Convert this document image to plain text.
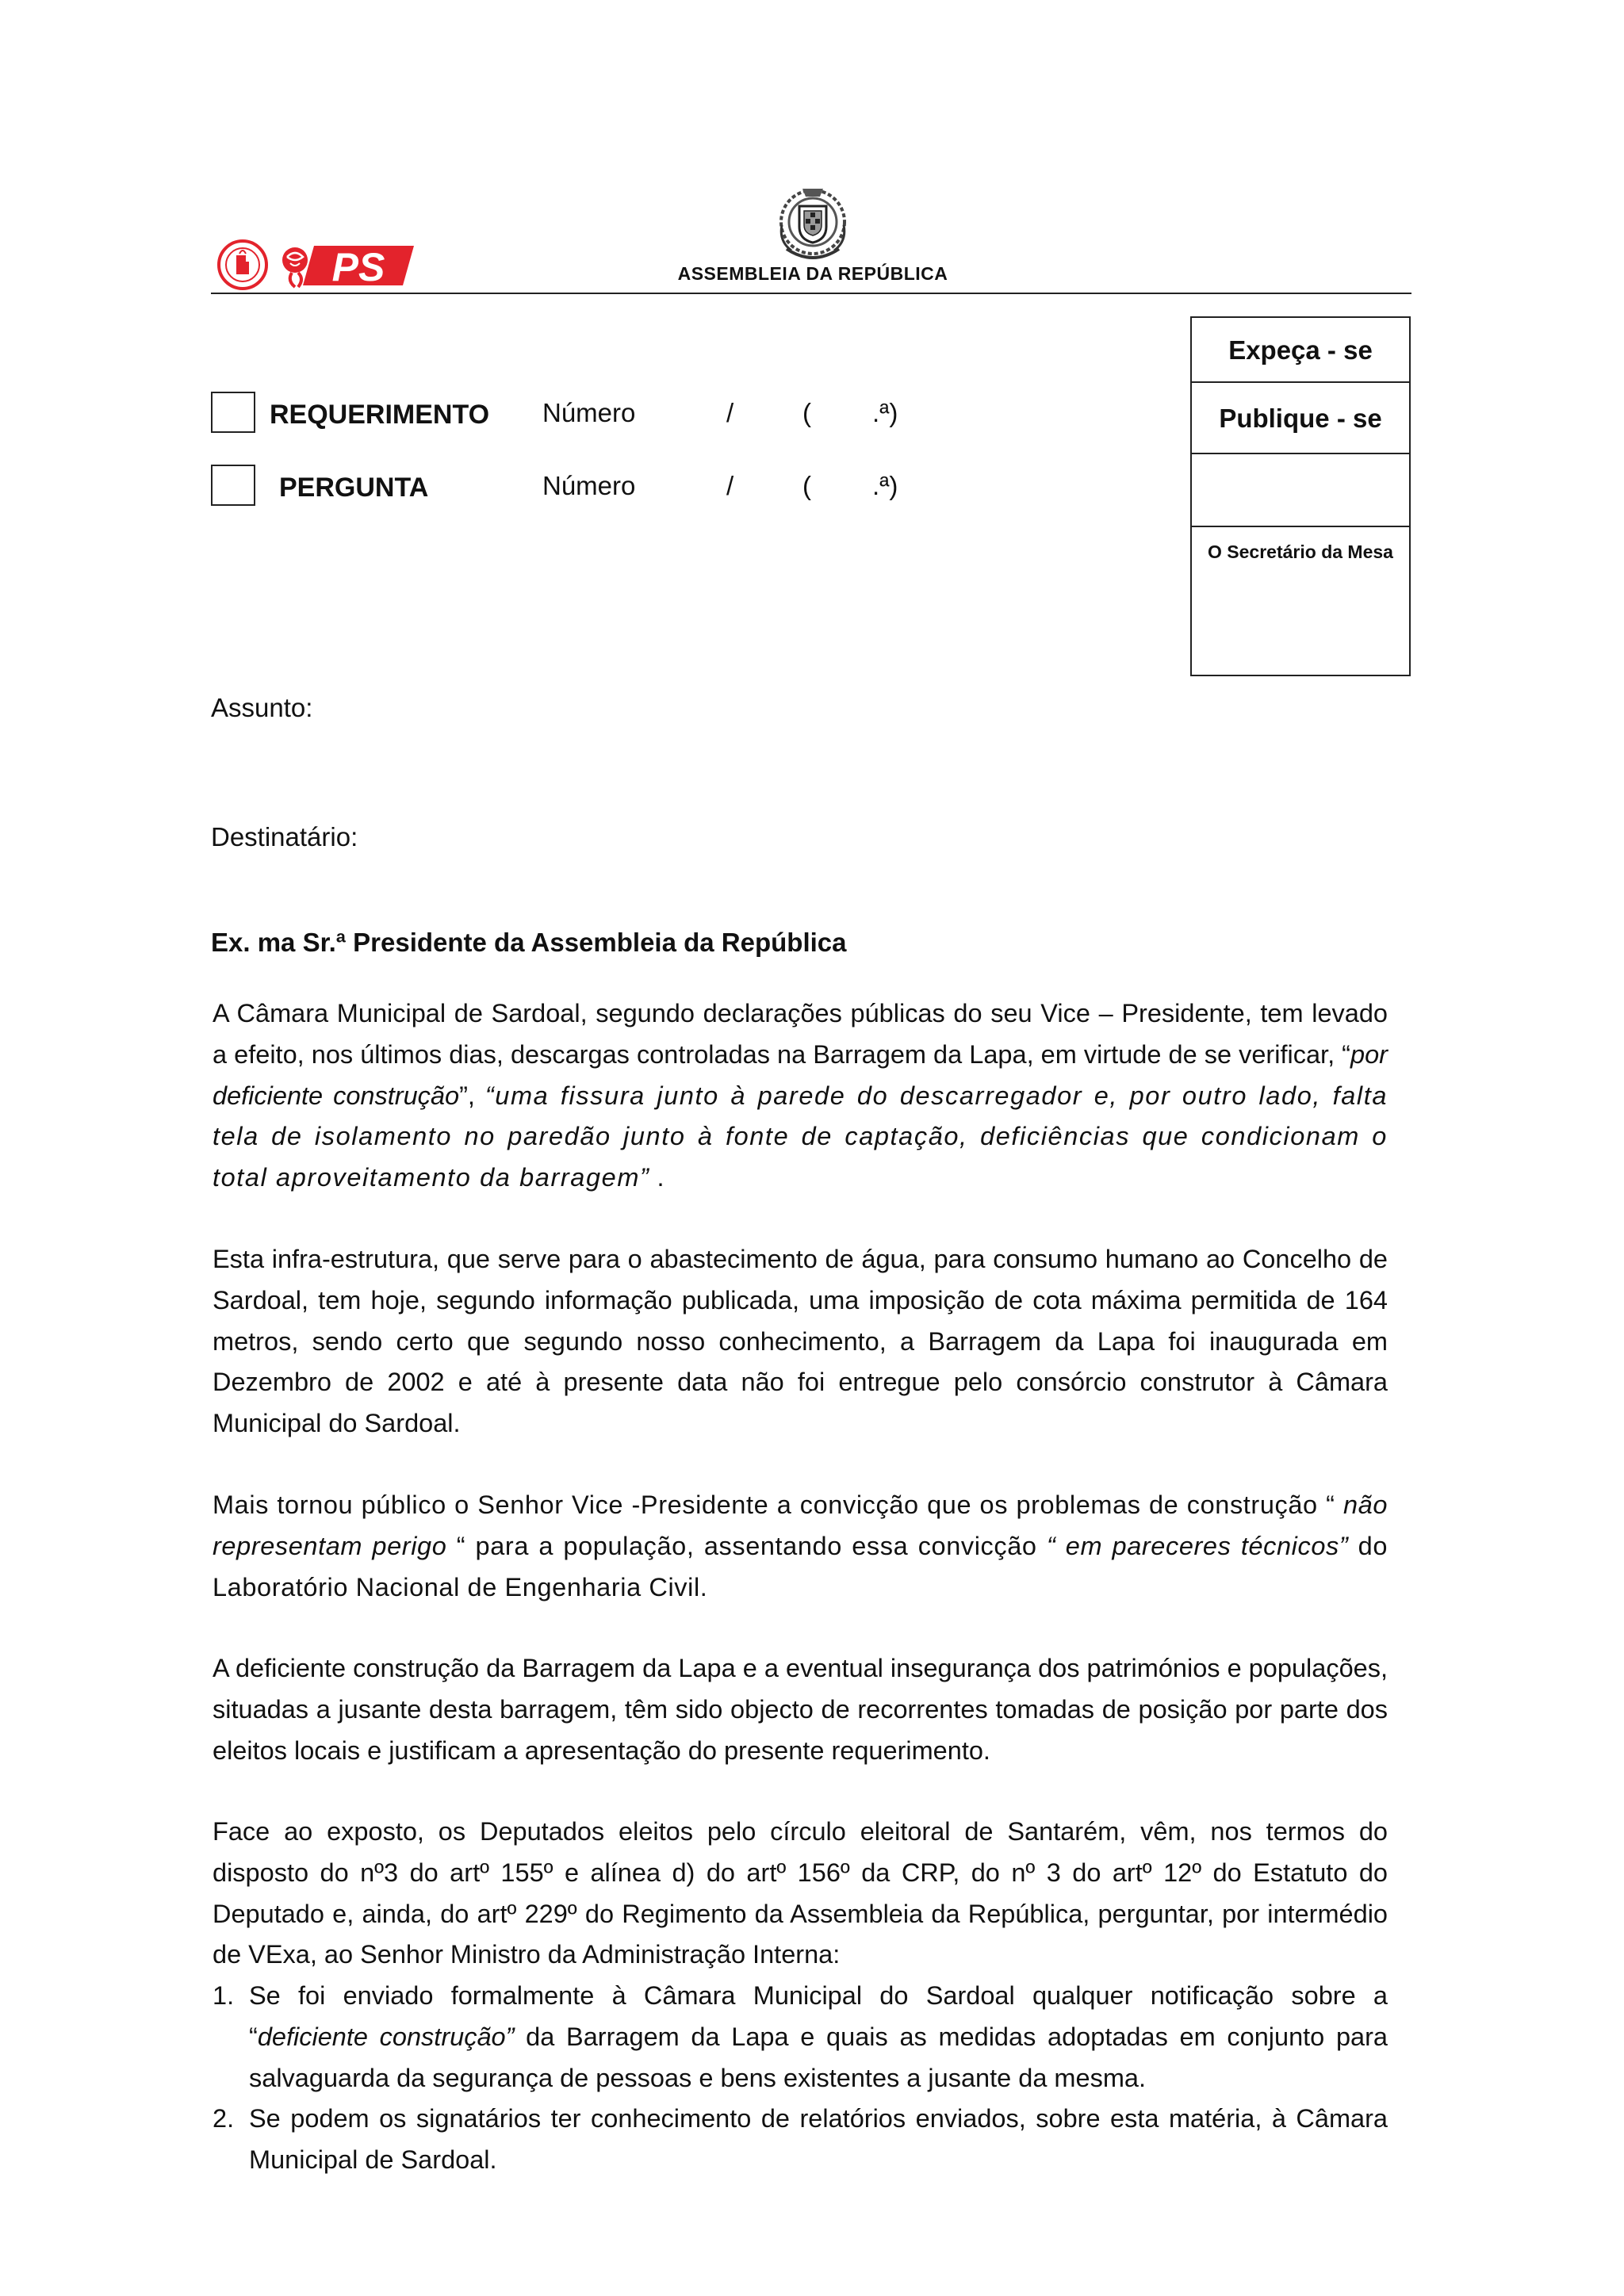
PS	ASSEMBLEIA DA REPÚBLICA
Expeça - se
Publique - se
O Secretário da Mesa
REQUERIMENTO Número	/	( .ª)
PERGUNTA	Número	/	( .ª)
Assunto:
Destinatário:
Ex. ma Sr.ª Presidente da Assembleia da República
A Câmara Municipal de Sardoal, segundo declarações públicas do seu Vice – Presidente, tem levado a efeito, nos últimos dias, descargas controladas na Barragem da Lapa, em virtude de se verificar, “por deficiente construção”, “uma fissura junto à parede do descarregador e, por outro lado, falta tela de isolamento no paredão junto à fonte de captação, deficiências que condicionam o total aproveitamento da barragem” .
Esta infra-estrutura, que serve para o abastecimento de água, para consumo humano ao Concelho de Sardoal, tem hoje, segundo informação publicada, uma imposição de cota máxima permitida de 164 metros, sendo certo que segundo nosso conhecimento, a Barragem da Lapa foi inaugurada em Dezembro de 2002 e até à presente data não foi entregue pelo consórcio construtor à Câmara Municipal do Sardoal.
Mais tornou público o Senhor Vice -Presidente a convicção que os problemas de construção “ não representam perigo “ para a população, assentando essa convicção “ em pareceres técnicos” do Laboratório Nacional de Engenharia Civil.
A deficiente construção da Barragem da Lapa e a eventual insegurança dos patrimónios e populações, situadas a jusante desta barragem, têm sido objecto de recorrentes tomadas de posição por parte dos eleitos locais e justificam a apresentação do presente requerimento.
Face ao exposto, os Deputados eleitos pelo círculo eleitoral de Santarém, vêm, nos termos do disposto do nº3 do artº 155º e alínea d) do artº 156º da CRP, do nº 3 do artº 12º do Estatuto do Deputado e, ainda, do artº 229º do Regimento da Assembleia da República, perguntar, por intermédio de VExa, ao Senhor Ministro da Administração Interna:
1. Se foi enviado formalmente à Câmara Municipal do Sardoal qualquer notificação sobre a “deficiente construção” da Barragem da Lapa e quais as medidas adoptadas em conjunto para salvaguarda da segurança de pessoas e bens existentes a jusante da mesma.
2. Se podem os signatários ter conhecimento de relatórios enviados, sobre esta matéria, à Câmara Municipal de Sardoal.
